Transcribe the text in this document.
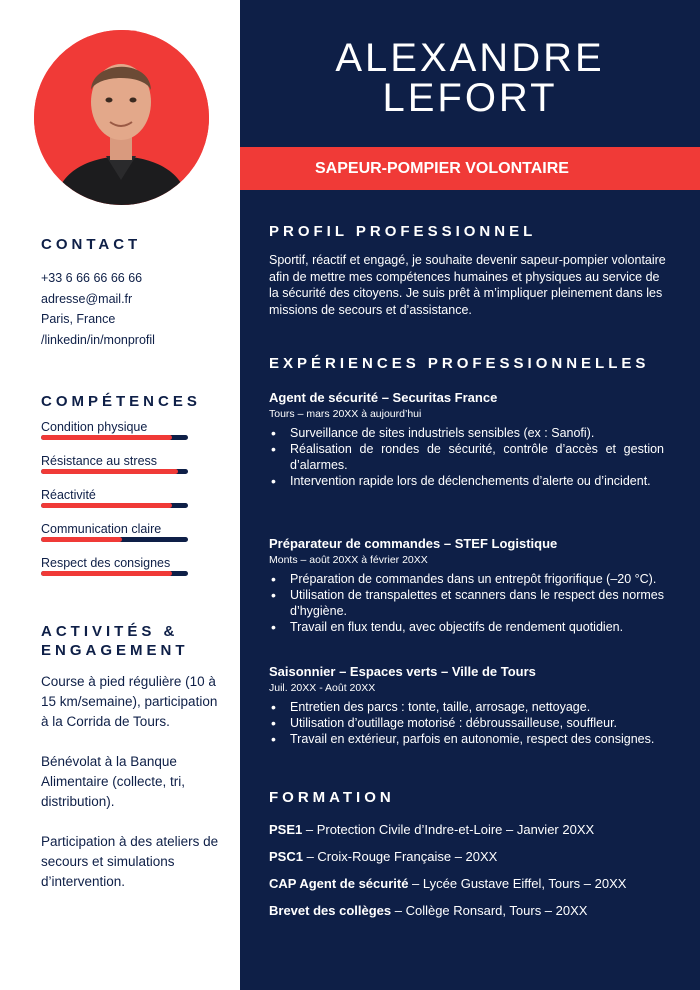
CONTACT
+33 6 66 66 66 66
adresse@mail.fr
Paris, France
/linkedin/in/monprofil
COMPÉTENCES
Condition physique
Résistance au stress
Réactivité
Communication claire
Respect des consignes
ACTIVITÉS & ENGAGEMENT

Course à pied régulière (10 à 15 km/semaine), participation à la Corrida de Tours.

Bénévolat à la Banque Alimentaire (collecte, tri, distribution).

Participation à des ateliers de secours et simulations d’intervention.

ALEXANDRE
LEFORT
SAPEUR-POMPIER VOLONTAIRE
PROFIL PROFESSIONNEL
Sportif, réactif et engagé, je souhaite devenir sapeur-pompier volontaire afin de mettre mes compétences humaines et physiques au service de la sécurité des citoyens. Je suis prêt à m’impliquer pleinement dans les missions de secours et d’assistance.
EXPÉRIENCES PROFESSIONNELLES
Agent de sécurité – Securitas France
Tours – mars 20XX à aujourd’hui
• Surveillance de sites industriels sensibles (ex : Sanofi).
• Réalisation de rondes de sécurité, contrôle d’accès et gestion d’alarmes.
• Intervention rapide lors de déclenchements d’alerte ou d’incident.
Préparateur de commandes – STEF Logistique
Monts – août 20XX à février 20XX
• Préparation de commandes dans un entrepôt frigorifique (–20 °C).
• Utilisation de transpalettes et scanners dans le respect des normes d’hygiène.
• Travail en flux tendu, avec objectifs de rendement quotidien.
Saisonnier – Espaces verts – Ville de Tours
Juil. 20XX - Août 20XX
• Entretien des parcs : tonte, taille, arrosage, nettoyage.
• Utilisation d’outillage motorisé : débroussailleuse, souffleur.
• Travail en extérieur, parfois en autonomie, respect des consignes.
FORMATION
PSE1 – Protection Civile d’Indre-et-Loire – Janvier 20XX
PSC1 – Croix-Rouge Française – 20XX
CAP Agent de sécurité – Lycée Gustave Eiffel, Tours – 20XX
Brevet des collèges – Collège Ronsard, Tours – 20XX
